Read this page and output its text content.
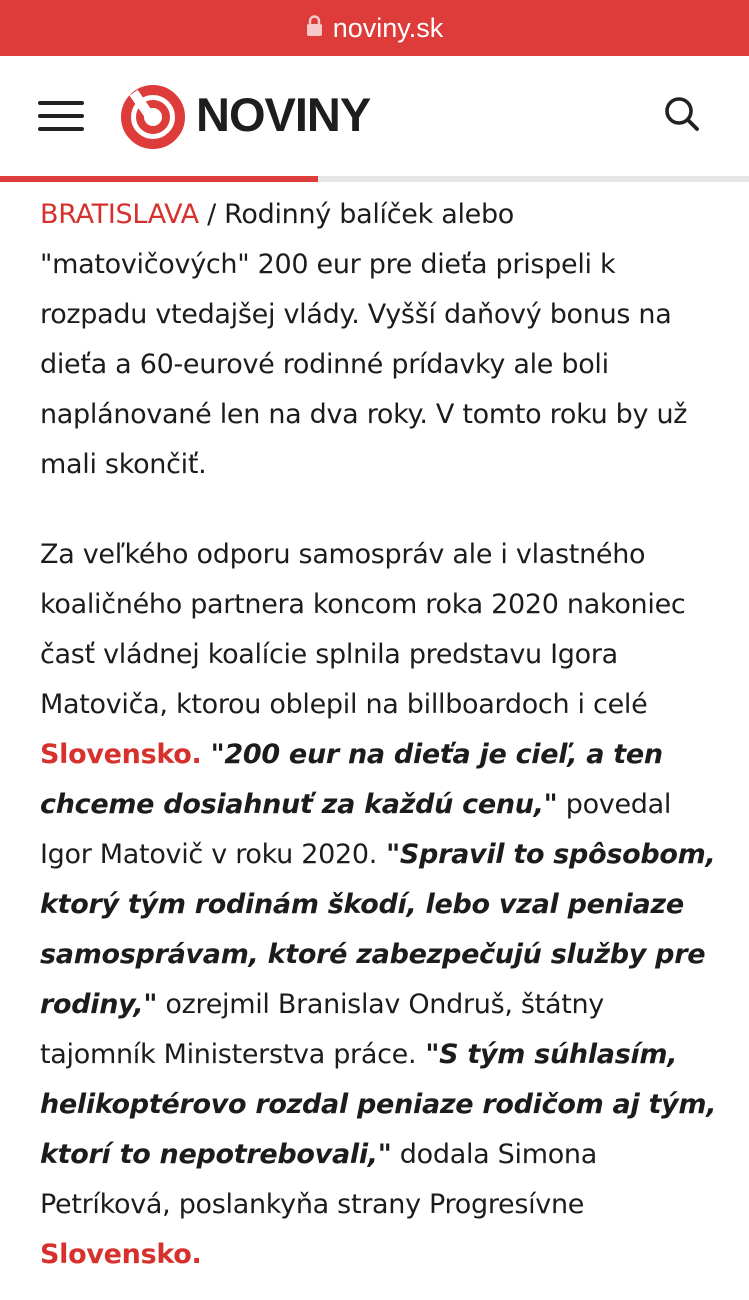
noviny.sk
NOVINY

BRATISLAVA / Rodinný balíček alebo "matovičových" 200 eur pre dieťa prispeli k rozpadu vtedajšej vlády. Vyšší daňový bonus na dieťa a 60-eurové rodinné prídavky ale boli naplánované len na dva roky. V tomto roku by už mali skončiť.

Za veľkého odporu samospráv ale i vlastného koaličného partnera koncom roka 2020 nakoniec časť vládnej koalície splnila predstavu Igora Matoviča, ktorou oblepil na billboardoch i celé Slovensko. "200 eur na dieťa je cieľ, a ten chceme dosiahnuť za každú cenu," povedal Igor Matovič v roku 2020. "Spravil to spôsobom, ktorý tým rodinám škodí, lebo vzal peniaze samosprávam, ktoré zabezpečujú služby pre rodiny," ozrejmil Branislav Ondruš, štátny tajomník Ministerstva práce. "S tým súhlasím, helikoptérovo rozdal peniaze rodičom aj tým, ktorí to nepotrebovali," dodala Simona Petríková, poslankyňa strany Progresívne Slovensko.
